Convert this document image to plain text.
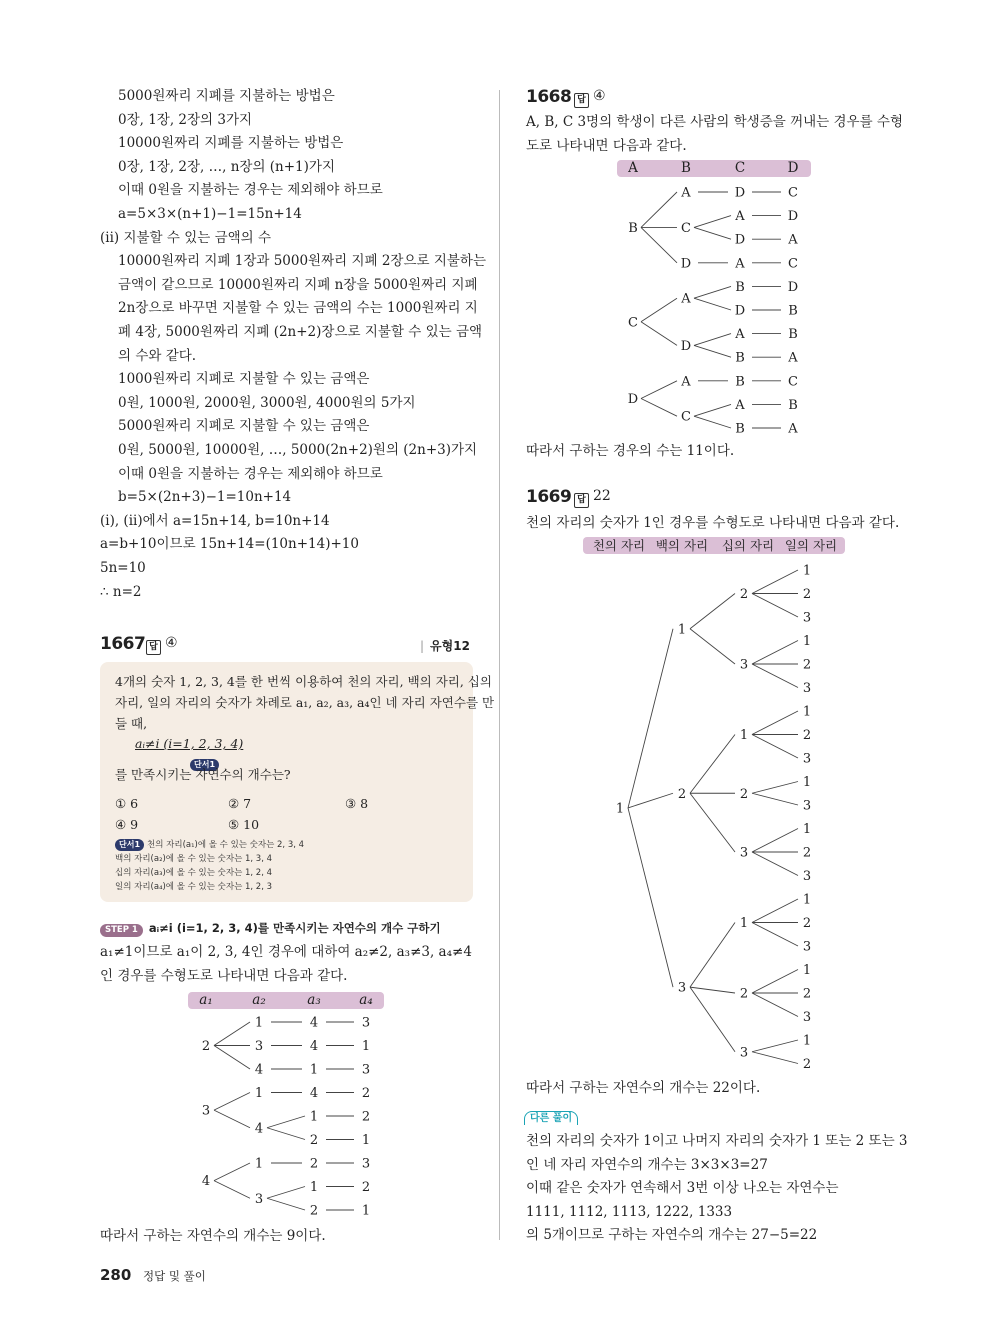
5000원짜리 지폐를 지불하는 방법은
0장, 1장, 2장의 3가지
10000원짜리 지폐를 지불하는 방법은
0장, 1장, 2장, …, n장의 (n+1)가지
이때 0원을 지불하는 경우는 제외해야 하므로
a=5×3×(n+1)−1=15n+14
(ii) 지불할 수 있는 금액의 수
10000원짜리 지폐 1장과 5000원짜리 지폐 2장으로 지불하는
금액이 같으므로 10000원짜리 지폐 n장을 5000원짜리 지폐
2n장으로 바꾸면 지불할 수 있는 금액의 수는 1000원짜리 지
폐 4장, 5000원짜리 지폐 (2n+2)장으로 지불할 수 있는 금액
의 수와 같다.
1000원짜리 지폐로 지불할 수 있는 금액은
0원, 1000원, 2000원, 3000원, 4000원의 5가지
5000원짜리 지폐로 지불할 수 있는 금액은
0원, 5000원, 10000원, …, 5000(2n+2)원의 (2n+3)가지
이때 0원을 지불하는 경우는 제외해야 하므로
b=5×(2n+3)−1=10n+14
(i), (ii)에서 a=15n+14, b=10n+14
a=b+10이므로 15n+14=(10n+14)+10
5n=10
∴ n=2
1667 답 ④	| 유형12
4개의 숫자 1, 2, 3, 4를 한 번씩 이용하여 천의 자리, 백의 자리, 십의
자리, 일의 자리의 숫자가 차례로 a₁, a₂, a₃, a₄인 네 자리 자연수를 만
들 때,
aᵢ≠i (i=1, 2, 3, 4)
단서1
를 만족시키는 자연수의 개수는?
① 6	② 7	③ 8
④ 9	⑤ 10
단서1 천의 자리(a₁)에 올 수 있는 숫자는 2, 3, 4
백의 자리(a₂)에 올 수 있는 숫자는 1, 3, 4
십의 자리(a₃)에 올 수 있는 숫자는 1, 2, 4
일의 자리(a₄)에 올 수 있는 숫자는 1, 2, 3
STEP 1 aᵢ≠i (i=1, 2, 3, 4)를 만족시키는 자연수의 개수 구하기
a₁≠1이므로 a₁이 2, 3, 4인 경우에 대하여 a₂≠2, a₃≠3, a₄≠4
인 경우를 수형도로 나타내면 다음과 같다.
a₁	a₂	a₃	a₄
2
1	4	3
3	4	1
4	1	3
3
1	4	2
4
1	2
2	1
4
1	2	3
3
1	2
2	1
따라서 구하는 자연수의 개수는 9이다.
1668 답 ④
A, B, C 3명의 학생이 다른 사람의 학생증을 꺼내는 경우를 수형
도로 나타내면 다음과 같다.
A	B	C	D
B
A	D	C
C
A	D
D	A
D	A	C
C
A
B	D
D	B
D
A	B
B	A
D
A	B	C
C
A	B
B	A
따라서 구하는 경우의 수는 11이다.
1669 답 22
천의 자리의 숫자가 1인 경우를 수형도로 나타내면 다음과 같다.
천의 자리 백의 자리	십의 자리 일의 자리
1
1
2
1
2
3
3
1
2
3
2
1
1
2
3
2
1
3
3
1
2
3
3
1
1
2
3
2
1
2
3
3
1
2
따라서 구하는 자연수의 개수는 22이다.
다른 풀이
천의 자리의 숫자가 1이고 나머지 자리의 숫자가 1 또는 2 또는 3
인 네 자리 자연수의 개수는 3×3×3=27
이때 같은 숫자가 연속해서 3번 이상 나오는 자연수는
1111, 1112, 1113, 1222, 1333
의 5개이므로 구하는 자연수의 개수는 27−5=22
280 정답 및 풀이
